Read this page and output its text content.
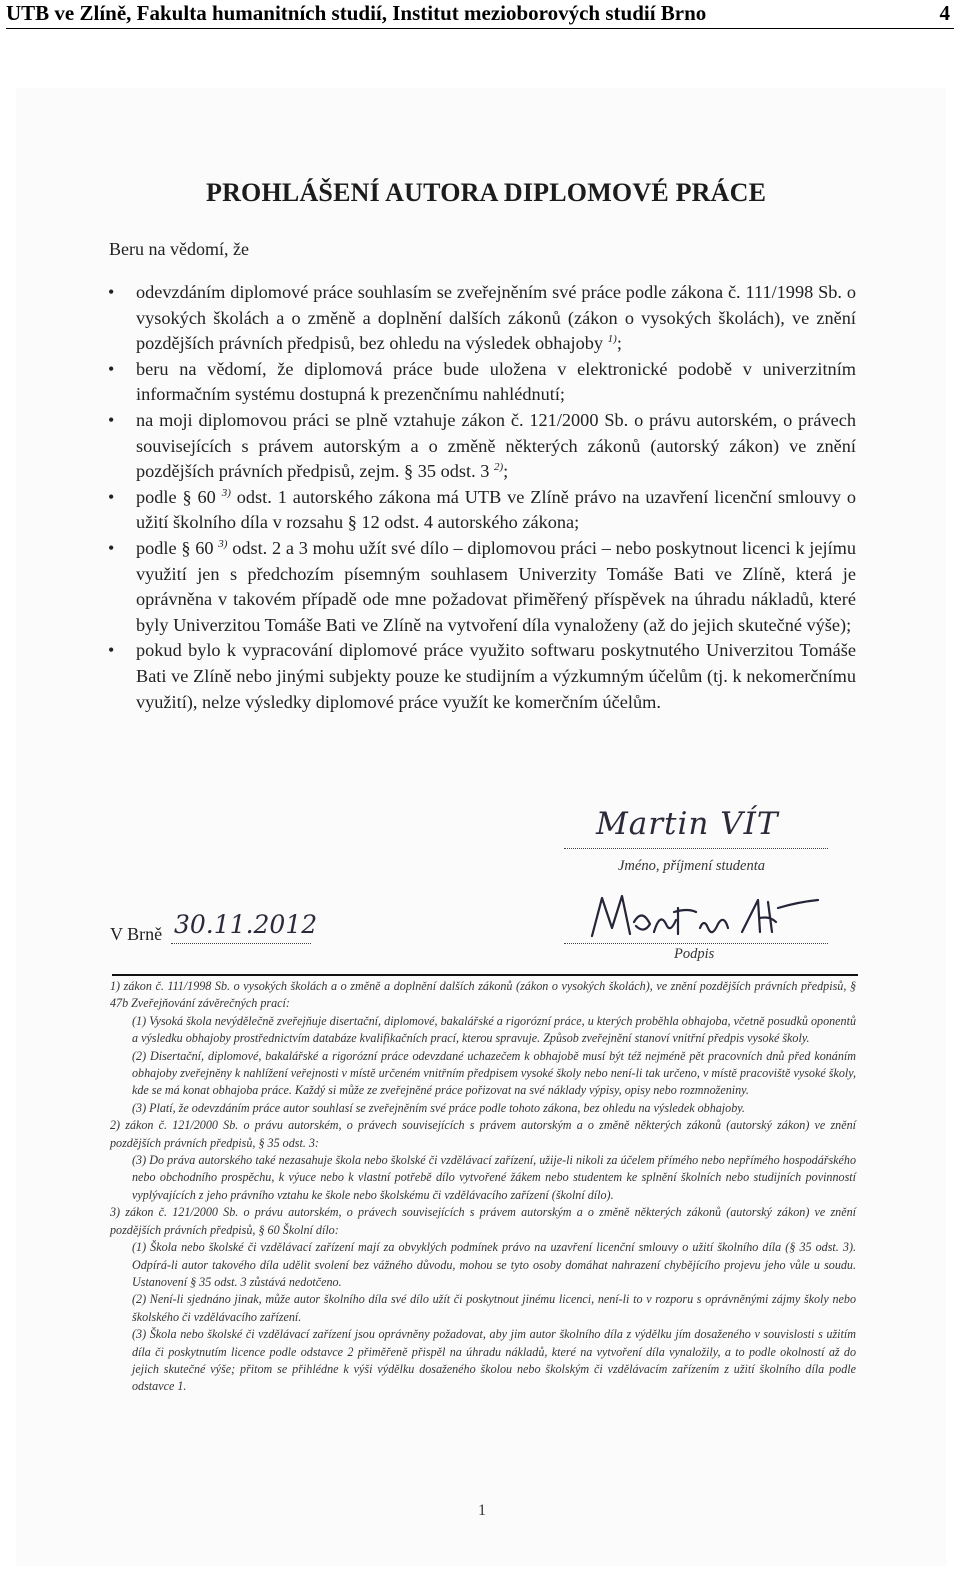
UTB ve Zlíně, Fakulta humanitních studií, Institut mezioborových studií Brno	4
PROHLÁŠENÍ AUTORA DIPLOMOVÉ PRÁCE
Beru na vědomí, že
• odevzdáním diplomové práce souhlasím se zveřejněním své práce podle zákona č. 111/1998 Sb. o vysokých školách a o změně a doplnění dalších zákonů (zákon o vysokých školách), ve znění pozdějších právních předpisů, bez ohledu na výsledek obhajoby $^{1)}$;
• beru na vědomí, že diplomová práce bude uložena v elektronické podobě v univerzitním informačním systému dostupná k prezenčnímu nahlédnutí;
• na moji diplomovou práci se plně vztahuje zákon č. 121/2000 Sb. o právu autorském, o právech souvisejících s právem autorským a o změně některých zákonů (autorský zákon) ve znění pozdějších právních předpisů, zejm. § 35 odst. 3 $^{2)}$;
• podle § 60 $^{3)}$ odst. 1 autorského zákona má UTB ve Zlíně právo na uzavření licenční smlouvy o užití školního díla v rozsahu § 12 odst. 4 autorského zákona;
• podle § 60 $^{3)}$ odst. 2 a 3 mohu užít své dílo – diplomovou práci – nebo poskytnout licenci k jejímu využití jen s předchozím písemným souhlasem Univerzity Tomáše Bati ve Zlíně, která je oprávněna v takovém případě ode mne požadovat přiměřený příspěvek na úhradu nákladů, které byly Univerzitou Tomáše Bati ve Zlíně na vytvoření díla vynaloženy (až do jejich skutečné výše);
• pokud bylo k vypracování diplomové práce využito softwaru poskytnutého Univerzitou Tomáše Bati ve Zlíně nebo jinými subjekty pouze ke studijním a výzkumným účelům (tj. k nekomerčnímu využití), nelze výsledky diplomové práce využít ke komerčním účelům.
Martin VÍT
Jméno, příjmení studenta
V Brně 30.11.2012
Podpis

1) zákon č. 111/1998 Sb. o vysokých školách a o změně a doplnění dalších zákonů (zákon o vysokých školách), ve znění pozdějších právních předpisů, § 47b Zveřejňování závěrečných prací:

(1) Vysoká škola nevýdělečně zveřejňuje disertační, diplomové, bakalářské a rigorózní práce, u kterých proběhla obhajoba, včetně posudků oponentů a výsledku obhajoby prostřednictvím databáze kvalifikačních prací, kterou spravuje. Způsob zveřejnění stanoví vnitřní předpis vysoké školy.

(2) Disertační, diplomové, bakalářské a rigorózní práce odevzdané uchazečem k obhajobě musí být též nejméně pět pracovních dnů před konáním obhajoby zveřejněny k nahlížení veřejnosti v místě určeném vnitřním předpisem vysoké školy nebo není-li tak určeno, v místě pracoviště vysoké školy, kde se má konat obhajoba práce. Každý si může ze zveřejněné práce pořizovat na své náklady výpisy, opisy nebo rozmnoženiny.

(3) Platí, že odevzdáním práce autor souhlasí se zveřejněním své práce podle tohoto zákona, bez ohledu na výsledek obhajoby.

2) zákon č. 121/2000 Sb. o právu autorském, o právech souvisejících s právem autorským a o změně některých zákonů (autorský zákon) ve znění pozdějších právních předpisů, § 35 odst. 3:

(3) Do práva autorského také nezasahuje škola nebo školské či vzdělávací zařízení, užije-li nikoli za účelem přímého nebo nepřímého hospodářského nebo obchodního prospěchu, k výuce nebo k vlastní potřebě dílo vytvořené žákem nebo studentem ke splnění školních nebo studijních povinností vyplývajících z jeho právního vztahu ke škole nebo školskému či vzdělávacího zařízení (školní dílo).

3) zákon č. 121/2000 Sb. o právu autorském, o právech souvisejících s právem autorským a o změně některých zákonů (autorský zákon) ve znění pozdějších právních předpisů, § 60 Školní dílo:

(1) Škola nebo školské či vzdělávací zařízení mají za obvyklých podmínek právo na uzavření licenční smlouvy o užití školního díla (§ 35 odst. 3). Odpírá-li autor takového díla udělit svolení bez vážného důvodu, mohou se tyto osoby domáhat nahrazení chybějícího projevu jeho vůle u soudu. Ustanovení § 35 odst. 3 zůstává nedotčeno.

(2) Není-li sjednáno jinak, může autor školního díla své dílo užít či poskytnout jinému licenci, není-li to v rozporu s oprávněnými zájmy školy nebo školského či vzdělávacího zařízení.

(3) Škola nebo školské či vzdělávací zařízení jsou oprávněny požadovat, aby jim autor školního díla z výdělku jím dosaženého v souvislosti s užitím díla či poskytnutím licence podle odstavce 2 přiměřeně přispěl na úhradu nákladů, které na vytvoření díla vynaložily, a to podle okolností až do jejich skutečné výše; přitom se přihlédne k výši výdělku dosaženého školou nebo školským či vzdělávacím zařízením z užití školního díla podle odstavce 1.

1
